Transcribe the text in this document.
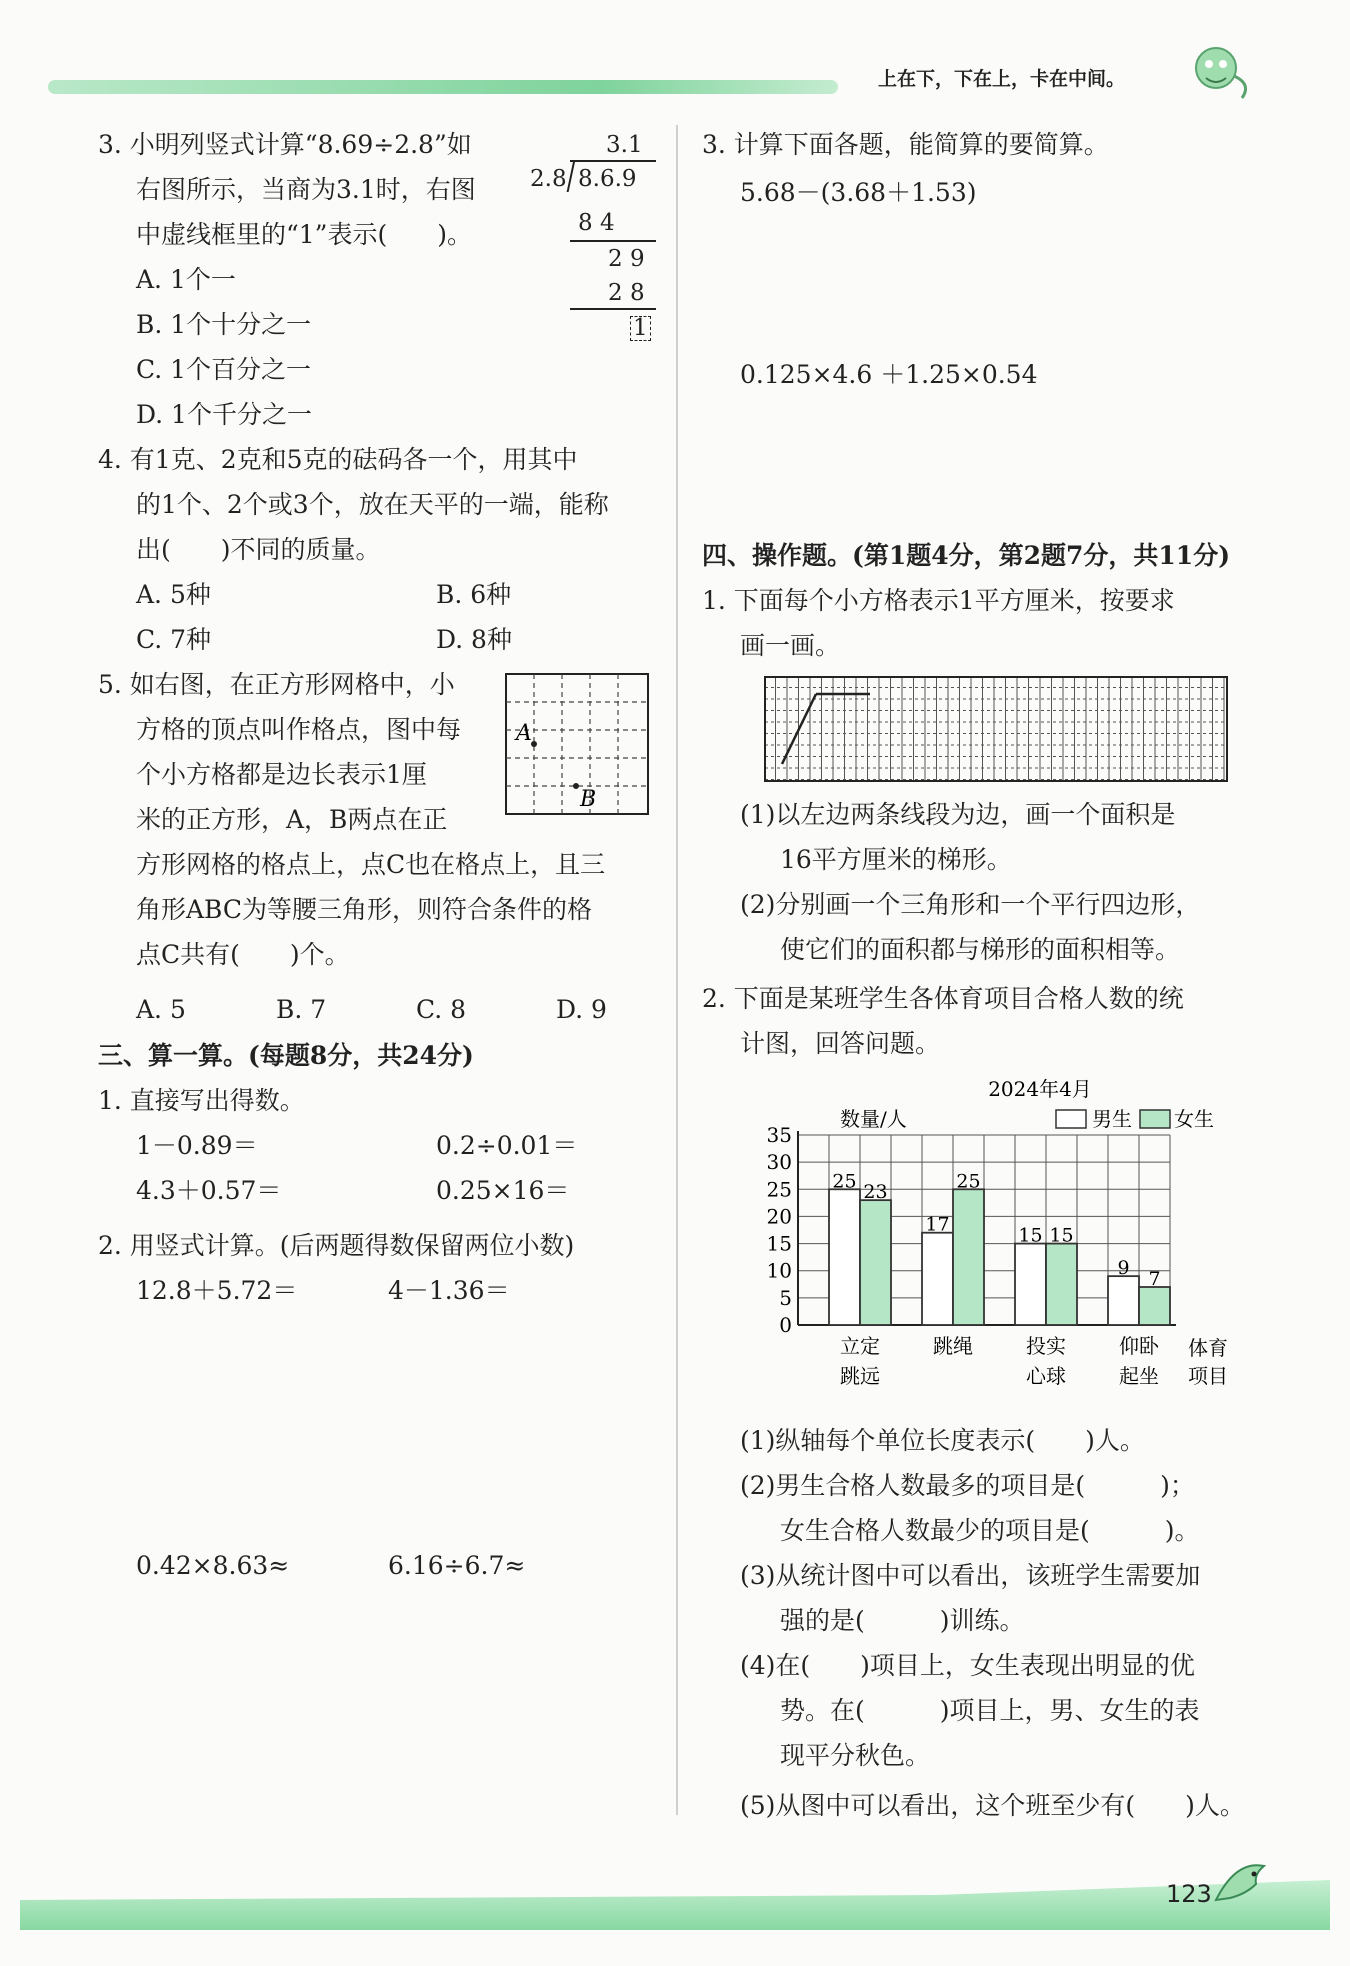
上在下，下在上，卡在中间。
3. 小明列竖式计算“8.69÷2.8”如
右图所示，当商为3.1时，右图
中虚线框里的“1”表示(　　)。
A. 1个一
B. 1个十分之一
C. 1个百分之一
D. 1个千分之一
3.1
2.8 8.6.9
8 4
2 9
2 8
1
4. 有1克、2克和5克的砝码各一个，用其中
的1个、2个或3个，放在天平的一端，能称
出(　　)不同的质量。
A. 5种	B. 6种
C. 7种	D. 8种
5. 如右图，在正方形网格中，小
方格的顶点叫作格点，图中每
个小方格都是边长表示1厘
米的正方形，A，B两点在正
方形网格的格点上，点C也在格点上，且三
角形ABC为等腰三角形，则符合条件的格
点C共有(　　)个。
A. 5	B. 7	C. 8	D. 9
A
B
三、算一算。(每题8分，共24分)
1. 直接写出得数。
1－0.89＝	0.2÷0.01＝
4.3＋0.57＝	0.25×16＝
2. 用竖式计算。(后两题得数保留两位小数)
12.8＋5.72＝	4－1.36＝
0.42×8.63≈	6.16÷6.7≈
3. 计算下面各题，能简算的要简算。
5.68－(3.68＋1.53)
0.125×4.6 ＋1.25×0.54
四、操作题。(第1题4分，第2题7分，共11分)
1. 下面每个小方格表示1平方厘米，按要求
画一画。
(1)以左边两条线段为边，画一个面积是
16平方厘米的梯形。
(2)分别画一个三角形和一个平行四边形，
使它们的面积都与梯形的面积相等。
2. 下面是某班学生各体育项目合格人数的统
计图，回答问题。
2024年4月
数量/人	男生 女生
35
30
25
20
15
10
5
0
25 23
立定
跳远
17
25
跳绳
15 15
投实
心球
9 7
仰卧
起坐
体育
项目
(1)纵轴每个单位长度表示(　　)人。
(2)男生合格人数最多的项目是(　　　)；
女生合格人数最少的项目是(　　　)。
(3)从统计图中可以看出，该班学生需要加
强的是(　　　)训练。
(4)在(　　)项目上，女生表现出明显的优
势。在(　　　)项目上，男、女生的表
现平分秋色。
(5)从图中可以看出，这个班至少有(　　)人。
123
